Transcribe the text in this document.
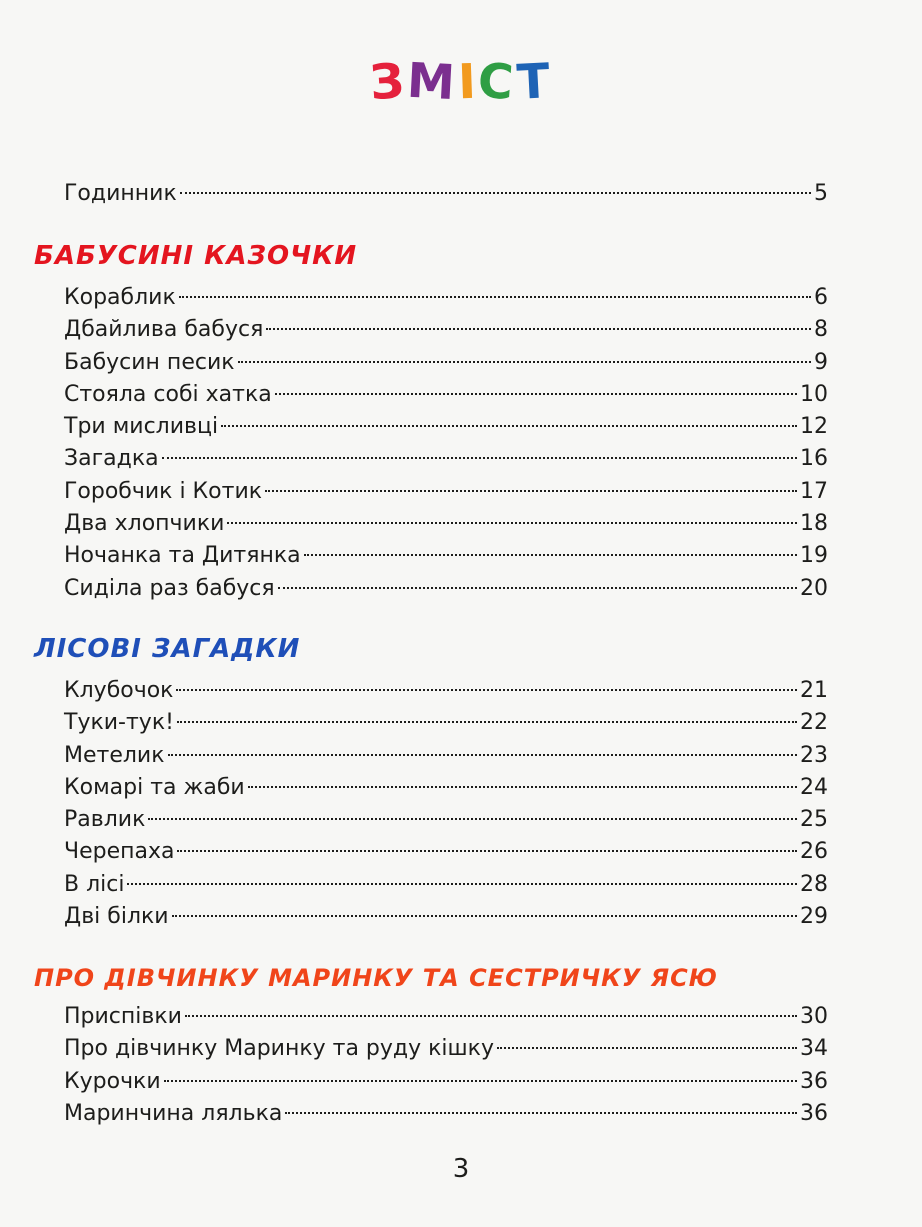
ЗМІСТ
Годинник	5
БАБУСИНІ КАЗОЧКИ
Кораблик	6
Дбайлива бабуся	8
Бабусин песик	9
Стояла собі хатка	10
Три мисливці	12
Загадка	16
Горобчик і Котик	17
Два хлопчики	18
Ночанка та Дитянка	19
Сиділа раз бабуся	20
ЛІСОВІ ЗАГАДКИ
Клубочок	21
Туки-тук!	22
Метелик	23
Комарі та жаби	24
Равлик	25
Черепаха	26
В лісі	28
Дві білки	29
ПРО ДІВЧИНКУ МАРИНКУ ТА СЕСТРИЧКУ ЯСЮ
Приспівки	30
Про дівчинку Маринку та руду кішку	34
Курочки	36
Маринчина лялька	36
3
